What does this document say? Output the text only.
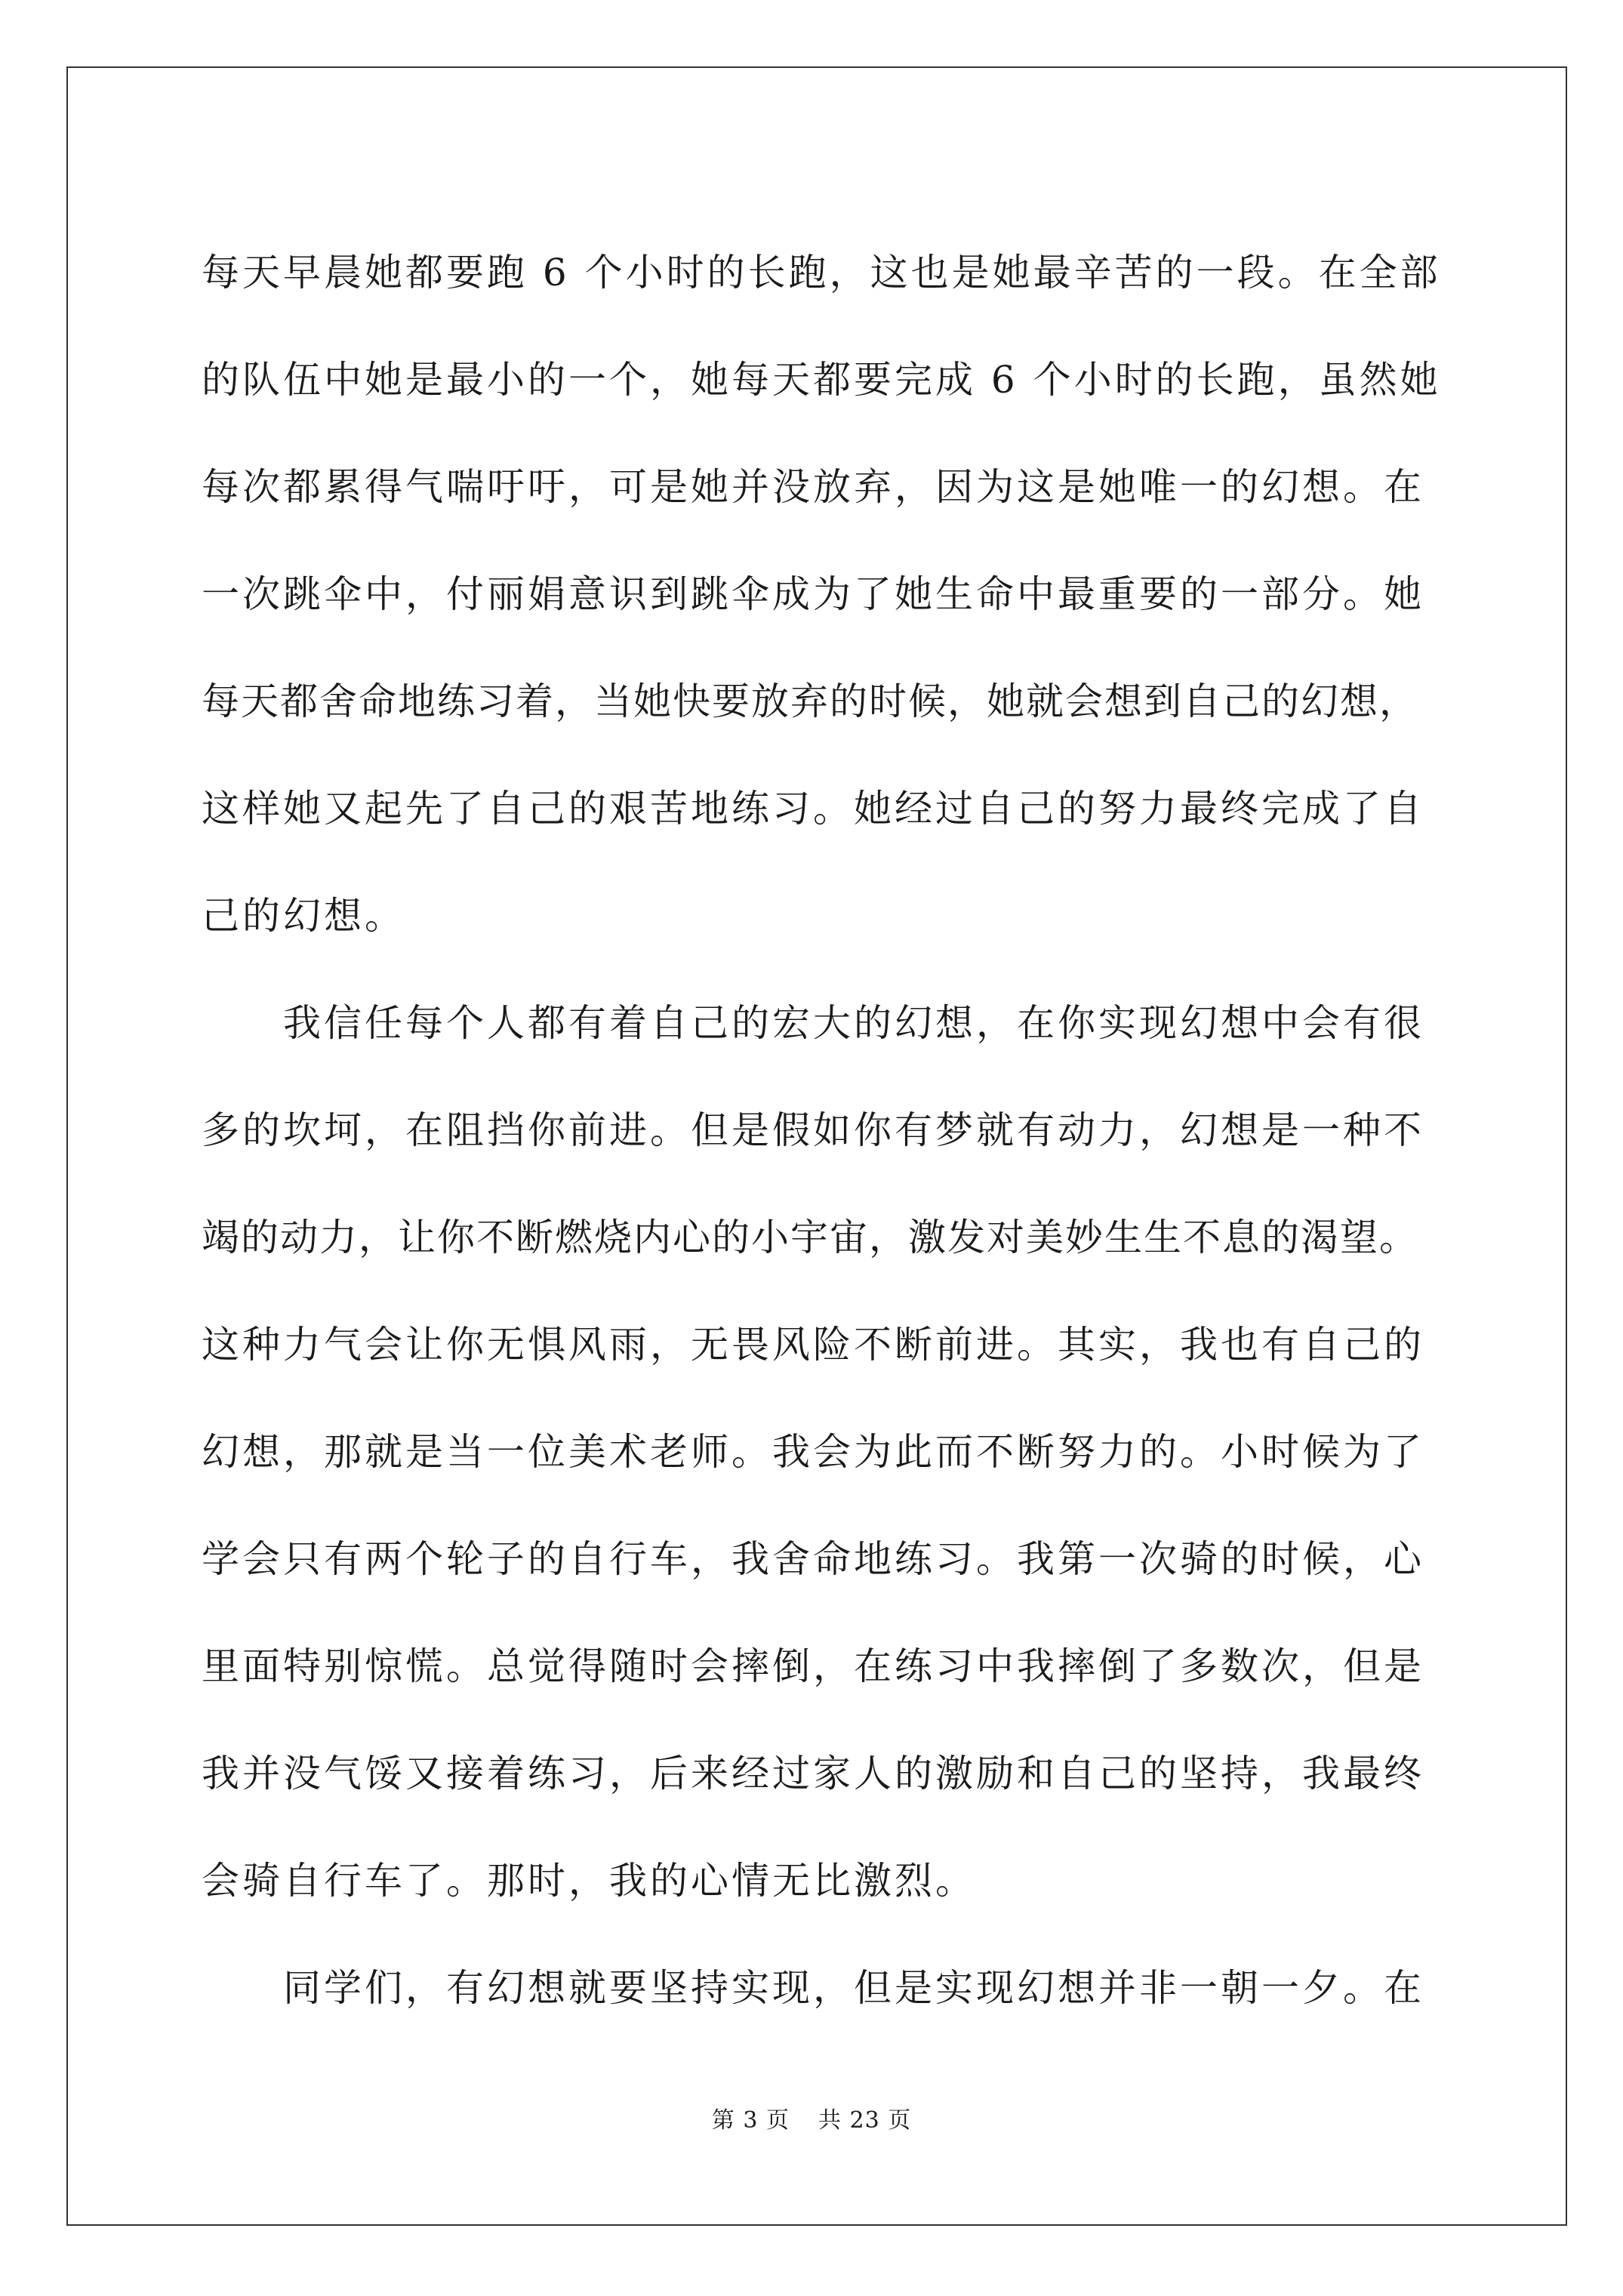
每天早晨她都要跑 6 个小时的长跑，这也是她最辛苦的一段。在全部
的队伍中她是最小的一个，她每天都要完成 6 个小时的长跑，虽然她
每次都累得气喘吁吁，可是她并没放弃，因为这是她唯一的幻想。在
一次跳伞中，付丽娟意识到跳伞成为了她生命中最重要的一部分。她
每天都舍命地练习着，当她快要放弃的时候，她就会想到自己的幻想，
这样她又起先了自己的艰苦地练习。她经过自己的努力最终完成了自
己的幻想。
我信任每个人都有着自己的宏大的幻想，在你实现幻想中会有很
多的坎坷，在阻挡你前进。但是假如你有梦就有动力，幻想是一种不
竭的动力，让你不断燃烧内心的小宇宙，激发对美妙生生不息的渴望。
这种力气会让你无惧风雨，无畏风险不断前进。其实，我也有自己的
幻想，那就是当一位美术老师。我会为此而不断努力的。小时候为了
学会只有两个轮子的自行车，我舍命地练习。我第一次骑的时候，心
里面特别惊慌。总觉得随时会摔倒，在练习中我摔倒了多数次，但是
我并没气馁又接着练习，后来经过家人的激励和自己的坚持，我最终
会骑自行车了。那时，我的心情无比激烈。
同学们，有幻想就要坚持实现，但是实现幻想并非一朝一夕。在
第 3 页 共 23 页
